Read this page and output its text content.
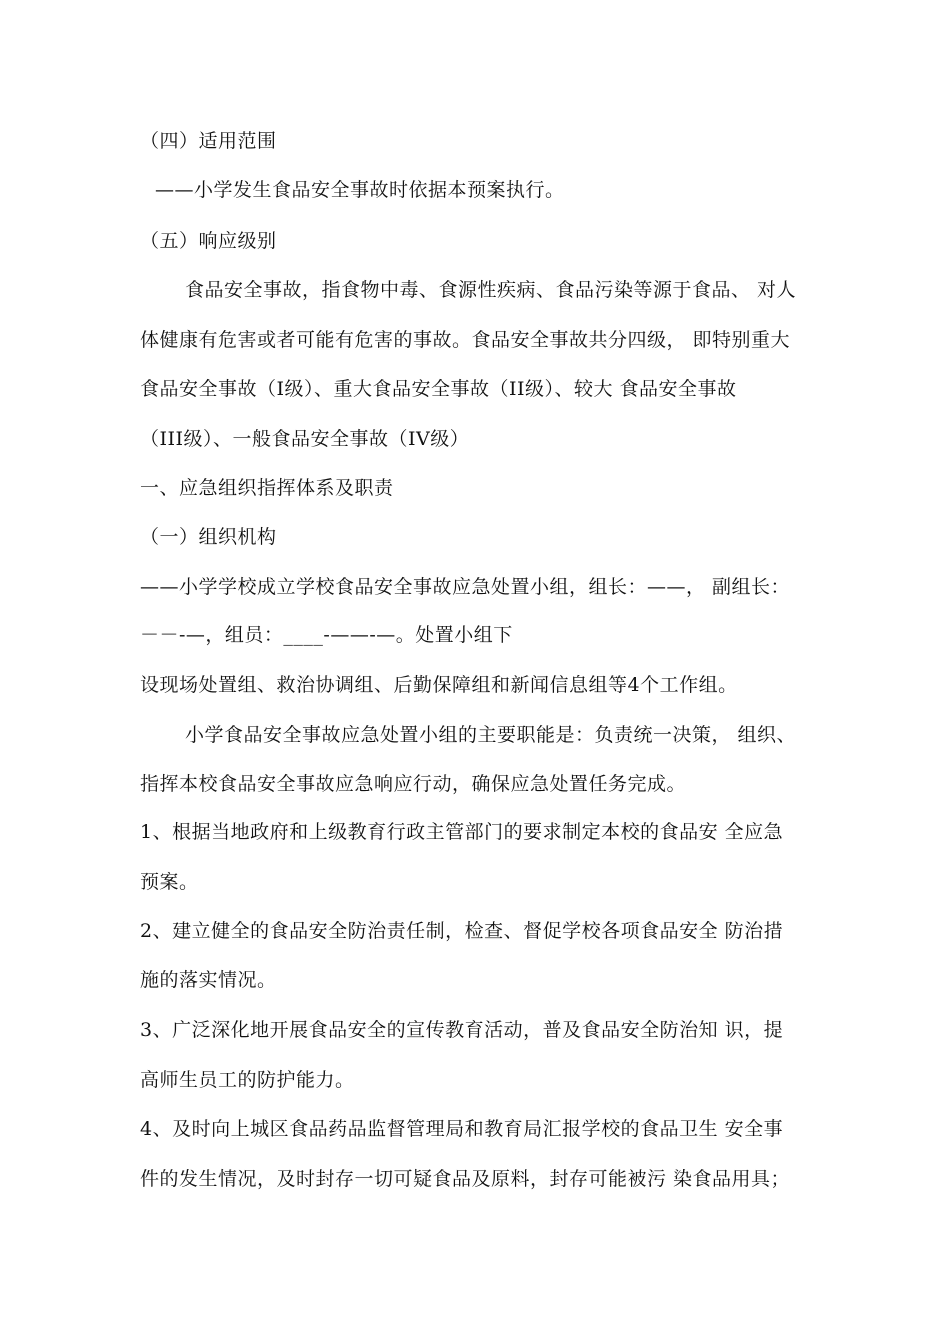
（四）适用范围
——小学发生食品安全事故时依据本预案执行。
（五）响应级别
食品安全事故，指食物中毒、食源性疾病、食品污染等源于食品、 对人
体健康有危害或者可能有危害的事故。食品安全事故共分四级， 即特别重大
食品安全事故（I级）、重大食品安全事故（II级）、较大 食品安全事故
（III级）、一般食品安全事故（IV级）
一、应急组织指挥体系及职责
（一）组织机构
——小学学校成立学校食品安全事故应急处置小组，组长：——， 副组长：
－－-—，组员：____-——-—。处置小组下
设现场处置组、救治协调组、后勤保障组和新闻信息组等4个工作组。
小学食品安全事故应急处置小组的主要职能是：负责统一决策， 组织、
指挥本校食品安全事故应急响应行动，确保应急处置任务完成。
1、根据当地政府和上级教育行政主管部门的要求制定本校的食品安 全应急
预案。
2、建立健全的食品安全防治责任制，检查、督促学校各项食品安全 防治措
施的落实情况。
3、广泛深化地开展食品安全的宣传教育活动，普及食品安全防治知 识，提
高师生员工的防护能力。
4、及时向上城区食品药品监督管理局和教育局汇报学校的食品卫生 安全事
件的发生情况，及时封存一切可疑食品及原料，封存可能被污 染食品用具；
